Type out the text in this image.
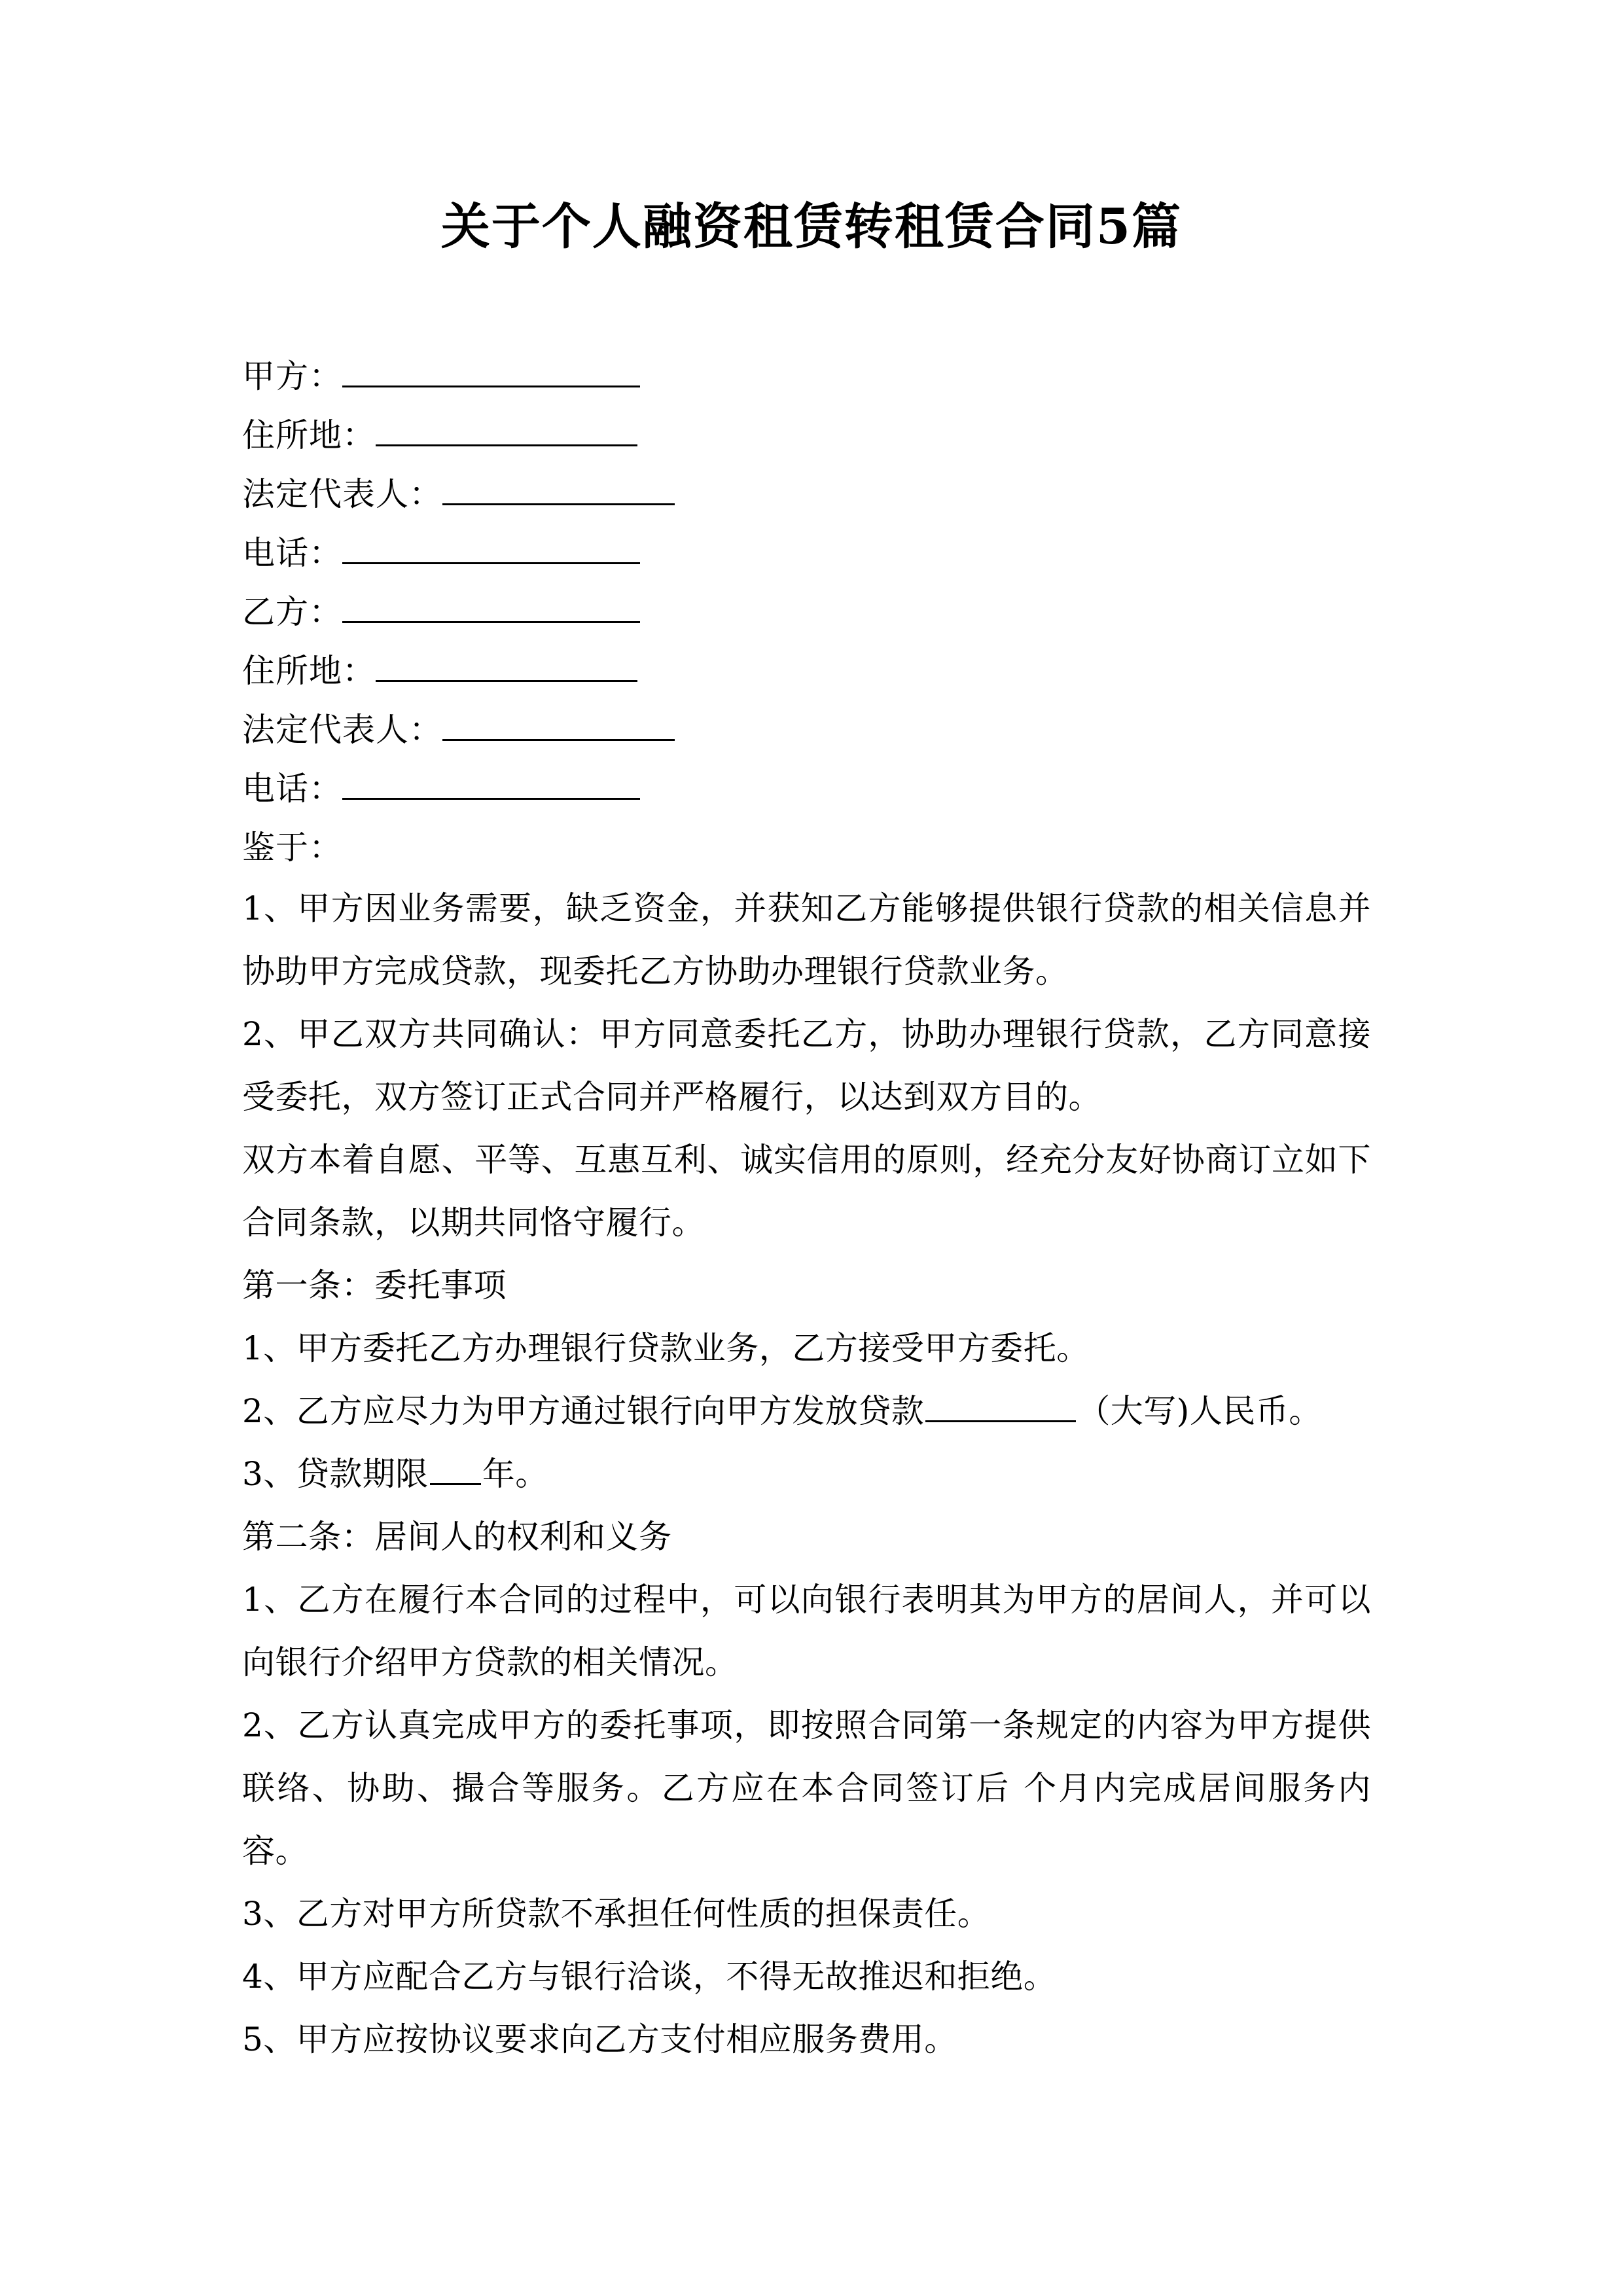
关于个人融资租赁转租赁合同5篇
甲方：
住所地：
法定代表人：
电话：
乙方：
住所地：
法定代表人：
电话：
鉴于：

1、甲方因业务需要，缺乏资金，并获知乙方能够提供银行贷款的相关信息并协助甲方完成贷款，现委托乙方协助办理银行贷款业务。

2、甲乙双方共同确认：甲方同意委托乙方，协助办理银行贷款，乙方同意接受委托，双方签订正式合同并严格履行，以达到双方目的。

双方本着自愿、平等、互惠互利、诚实信用的原则，经充分友好协商订立如下合同条款，以期共同恪守履行。

第一条：委托事项
1、甲方委托乙方办理银行贷款业务，乙方接受甲方委托。
2、乙方应尽力为甲方通过银行向甲方发放贷款	（大写)人民币。
3、贷款期限 年。
第二条：居间人的权利和义务

1、乙方在履行本合同的过程中，可以向银行表明其为甲方的居间人，并可以向银行介绍甲方贷款的相关情况。

2、乙方认真完成甲方的委托事项，即按照合同第一条规定的内容为甲方提供联络、协助、撮合等服务。乙方应在本合同签订后 个月内完成居间服务内容。

3、乙方对甲方所贷款不承担任何性质的担保责任。
4、甲方应配合乙方与银行洽谈，不得无故推迟和拒绝。
5、甲方应按协议要求向乙方支付相应服务费用。
